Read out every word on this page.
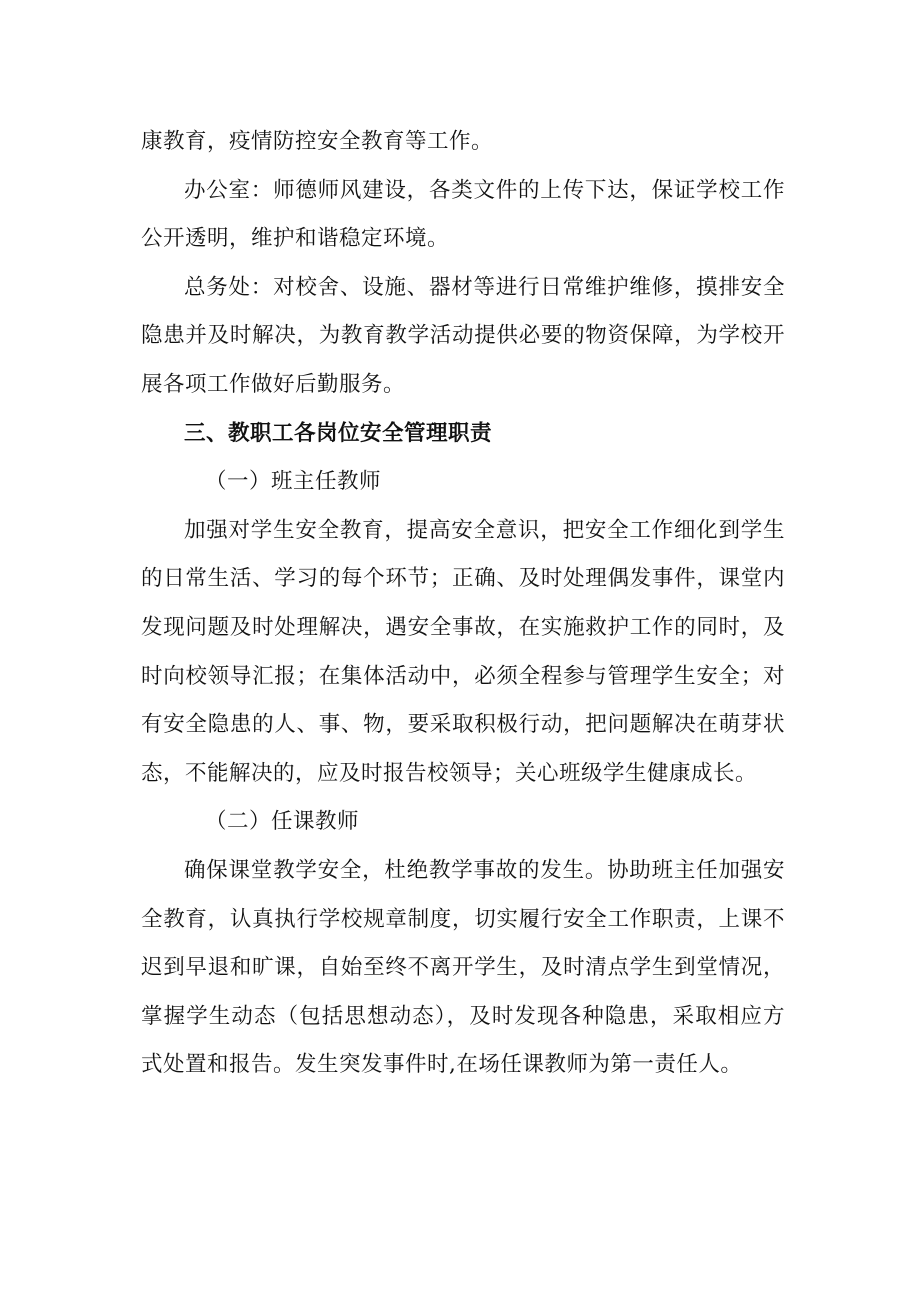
康教育，疫情防控安全教育等工作。

办公室：师德师风建设，各类文件的上传下达，保证学校工作公开透明，维护和谐稳定环境。

总务处：对校舍、设施、器材等进行日常维护维修，摸排安全隐患并及时解决，为教育教学活动提供必要的物资保障，为学校开展各项工作做好后勤服务。

三、教职工各岗位安全管理职责

（一）班主任教师

加强对学生安全教育，提高安全意识，把安全工作细化到学生的日常生活、学习的每个环节；正确、及时处理偶发事件，课堂内发现问题及时处理解决，遇安全事故，在实施救护工作的同时，及时向校领导汇报；在集体活动中，必须全程参与管理学生安全；对有安全隐患的人、事、物，要采取积极行动，把问题解决在萌芽状态，不能解决的，应及时报告校领导；关心班级学生健康成长。

（二）任课教师

确保课堂教学安全，杜绝教学事故的发生。协助班主任加强安全教育，认真执行学校规章制度，切实履行安全工作职责，上课不迟到早退和旷课，自始至终不离开学生，及时清点学生到堂情况，掌握学生动态（包括思想动态），及时发现各种隐患，采取相应方式处置和报告。发生突发事件时,在场任课教师为第一责任人。
